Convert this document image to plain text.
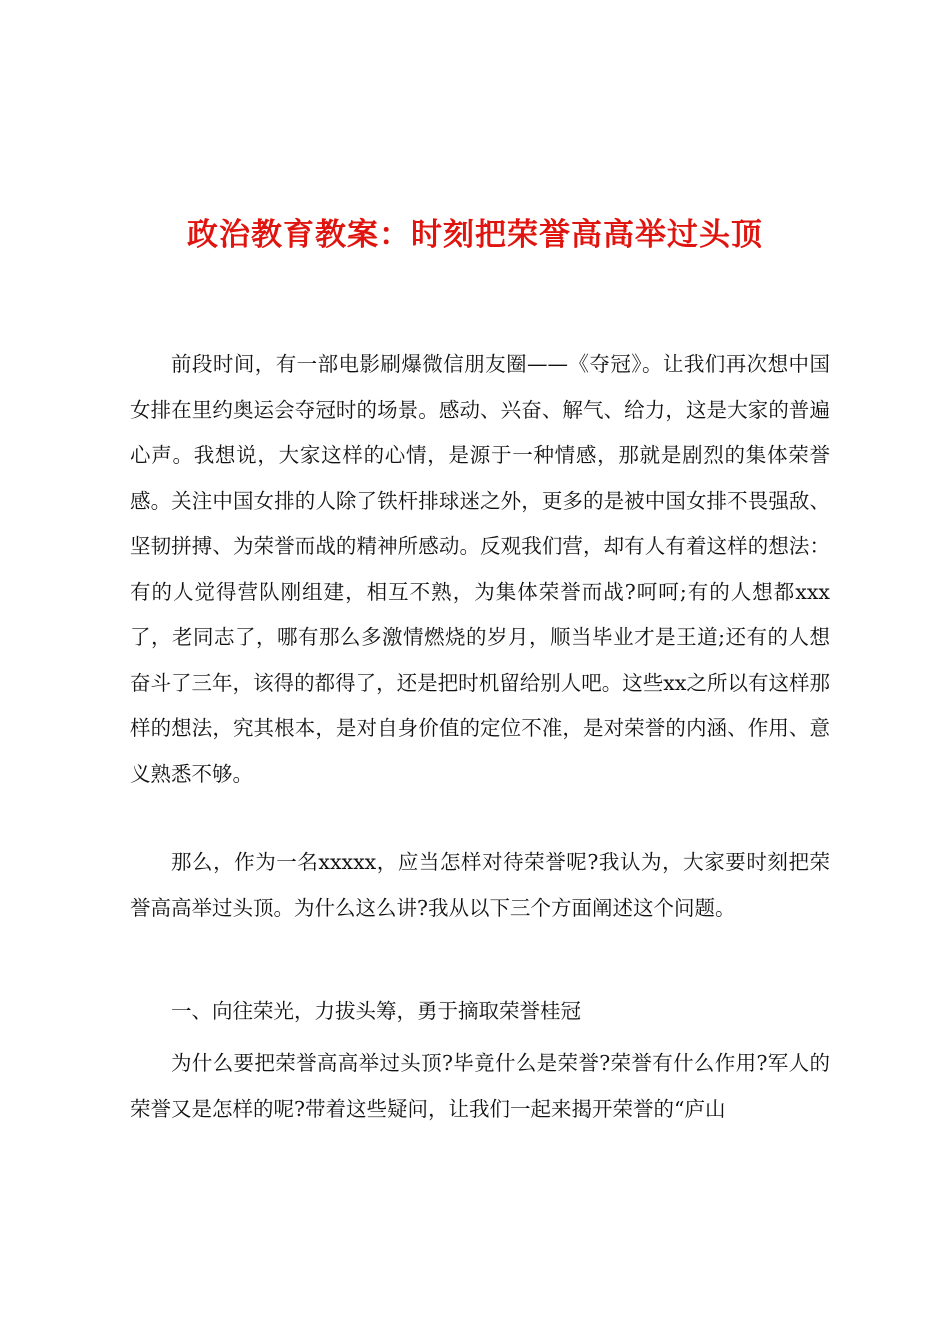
政治教育教案：时刻把荣誉高高举过头顶

前段时间，有一部电影刷爆微信朋友圈——《夺冠》。让我们再次想中国女排在里约奥运会夺冠时的场景。感动、兴奋、解气、给力，这是大家的普遍心声。我想说，大家这样的心情，是源于一种情感，那就是剧烈的集体荣誉感。关注中国女排的人除了铁杆排球迷之外，更多的是被中国女排不畏强敌、坚韧拼搏、为荣誉而战的精神所感动。反观我们营，却有人有着这样的想法：有的人觉得营队刚组建，相互不熟，为集体荣誉而战?呵呵;有的人想都xxx了，老同志了，哪有那么多激情燃烧的岁月，顺当毕业才是王道;还有的人想奋斗了三年，该得的都得了，还是把时机留给别人吧。这些xx之所以有这样那样的想法，究其根本，是对自身价值的定位不准，是对荣誉的内涵、作用、意义熟悉不够。

那么，作为一名xxxxx，应当怎样对待荣誉呢?我认为，大家要时刻把荣誉高高举过头顶。为什么这么讲?我从以下三个方面阐述这个问题。

一、向往荣光，力拔头筹，勇于摘取荣誉桂冠

为什么要把荣誉高高举过头顶?毕竟什么是荣誉?荣誉有什么作用?军人的荣誉又是怎样的呢?带着这些疑问，让我们一起来揭开荣誉的“庐山
